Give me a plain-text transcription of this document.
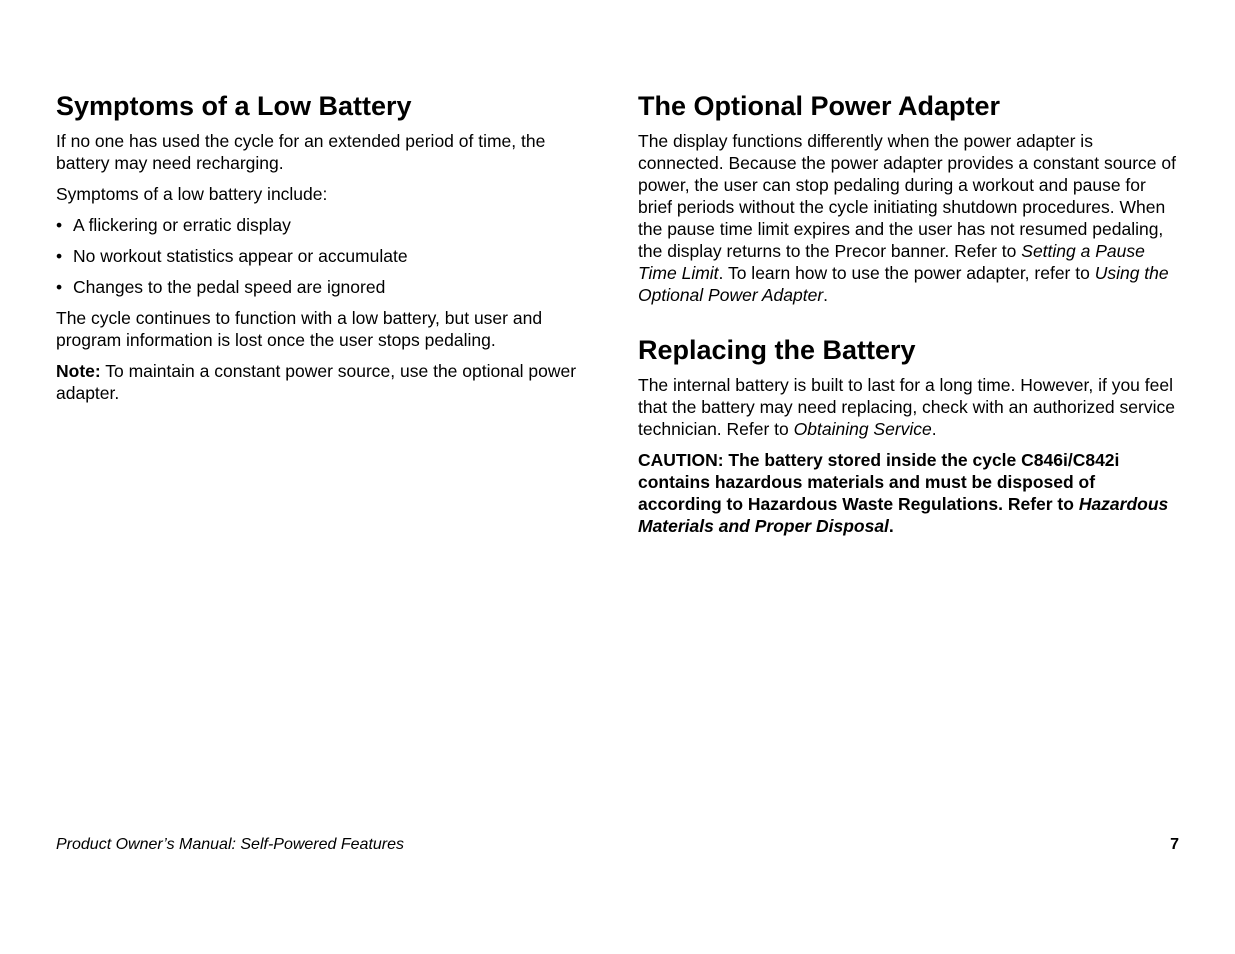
Symptoms of a Low Battery

If no one has used the cycle for an extended period of time, the battery may need recharging.

Symptoms of a low battery include:

• A flickering or erratic display
• No workout statistics appear or accumulate
• Changes to the pedal speed are ignored

The cycle continues to function with a low battery, but user and program information is lost once the user stops pedaling.

Note: To maintain a constant power source, use the optional power adapter.

The Optional Power Adapter

The display functions differently when the power adapter is connected. Because the power adapter provides a constant source of power, the user can stop pedaling during a workout and pause for brief periods without the cycle initiating shutdown procedures. When the pause time limit expires and the user has not resumed pedaling, the display returns to the Precor banner. Refer to Setting a Pause Time Limit. To learn how to use the power adapter, refer to Using the Optional Power Adapter.

Replacing the Battery

The internal battery is built to last for a long time. However, if you feel that the battery may need replacing, check with an authorized service technician. Refer to Obtaining Service.

CAUTION: The battery stored inside the cycle C846i/C842i contains hazardous materials and must be disposed of according to Hazardous Waste Regulations. Refer to Hazardous Materials and Proper Disposal.

Product Owner’s Manual: Self-Powered Features	7
